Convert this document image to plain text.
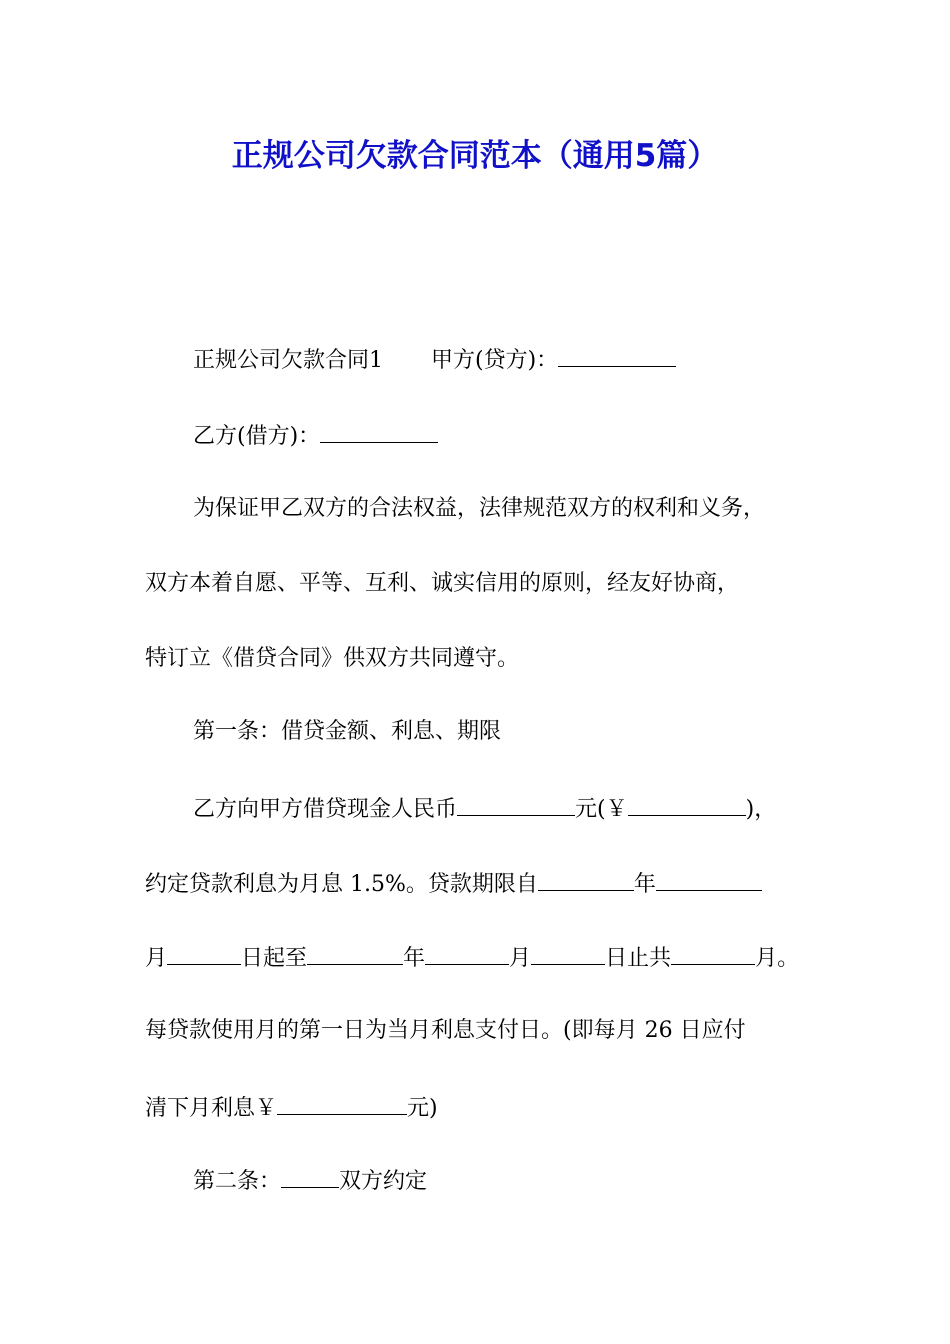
正规公司欠款合同范本（通用5篇）
正规公司欠款合同1 甲方(贷方)：
乙方(借方)：
为保证甲乙双方的合法权益，法律规范双方的权利和义务，
双方本着自愿、平等、互利、诚实信用的原则，经友好协商，
特订立《借贷合同》供双方共同遵守。
第一条：借贷金额、利息、期限
乙方向甲方借贷现金人民币	元(￥	)，
约定贷款利息为月息 1.5%。贷款期限自	年
月	日起至	年	月	日止共	月。
每贷款使用月的第一日为当月利息支付日。(即每月 26 日应付
清下月利息￥	元)
第二条：	双方约定
